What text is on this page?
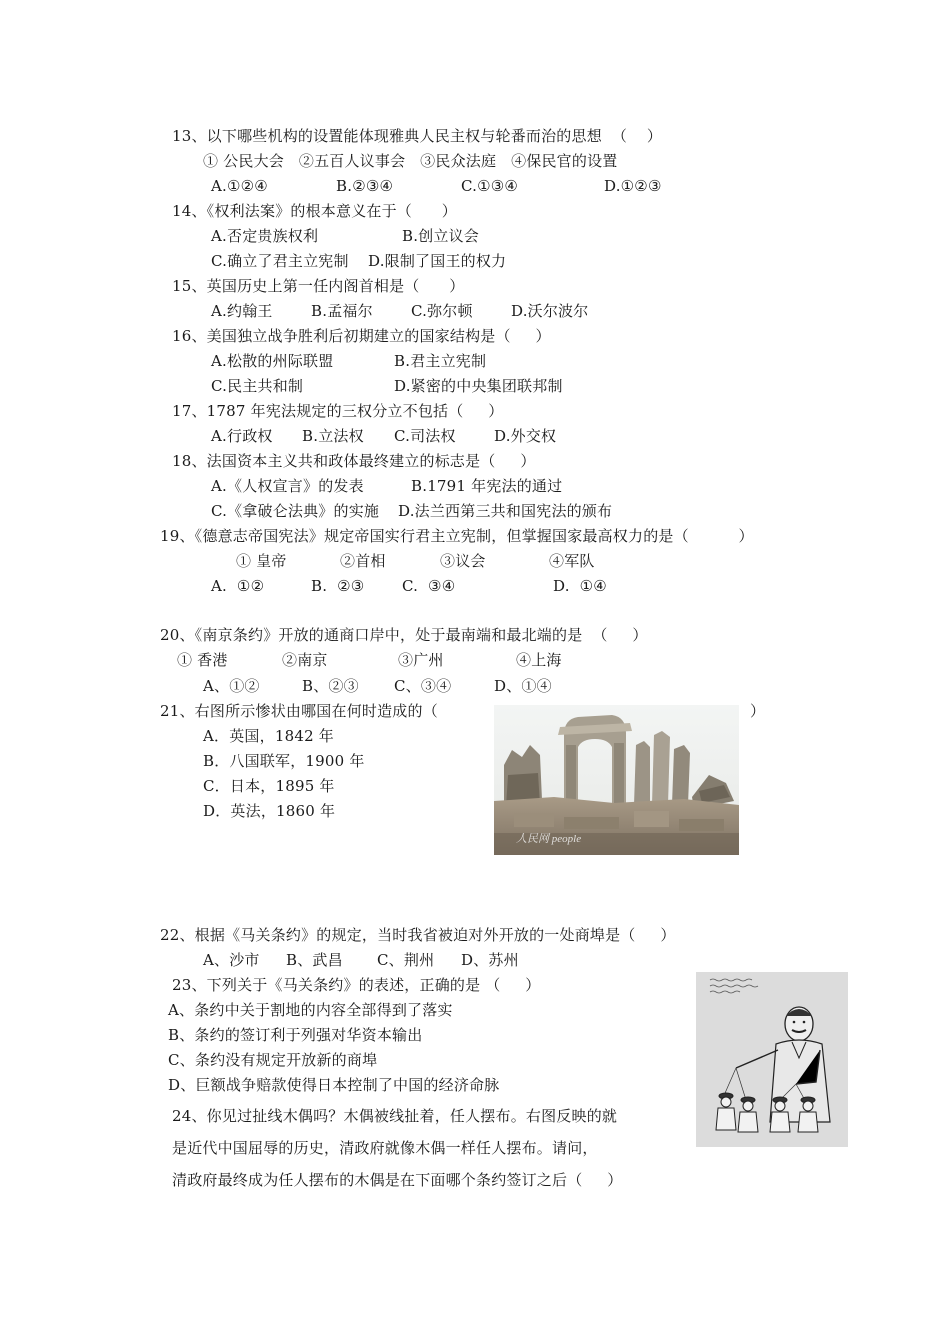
13、以下哪些机构的设置能体现雅典人民主权与轮番而治的思想  （    ）
① 公民大会   ②五百人议事会   ③民众法庭   ④保民官的设置
A.①②④	B.②③④	C.①③④	D.①②③
14、《权利法案》的根本意义在于（      ）
A.否定贵族权利	B.创立议会
C.确立了君主立宪制 D.限制了国王的权力
15、英国历史上第一任内阁首相是（      ）
A.约翰王	B.孟福尔	C.弥尔顿	D.沃尔波尔
16、美国独立战争胜利后初期建立的国家结构是（     ）
A.松散的州际联盟	B.君主立宪制
C.民主共和制	D.紧密的中央集团联邦制
17、1787 年宪法规定的三权分立不包括（     ）
A.行政权 B.立法权 C.司法权	D.外交权
18、法国资本主义共和政体最终建立的标志是（     ）
A.《人权宣言》的发表	B.1791 年宪法的通过
C.《拿破仑法典》的实施 D.法兰西第三共和国宪法的颁布
19、《德意志帝国宪法》规定帝国实行君主立宪制，但掌握国家最高权力的是（          ）
① 皇帝	②首相	③议会	④军队
A.  ①②	B.  ②③	C.  ③④	D.  ①④
20、《南京条约》开放的通商口岸中，处于最南端和最北端的是  （     ）
① 香港	②南京	③广州	④上海
A、①②	B、②③ C、③④	D、①④
21、右图所示惨状由哪国在何时造成的（	）
A．英国，1842 年
B．八国联军，1900 年
C．日本，1895 年
D．英法，1860 年
人民网 people
22、根据《马关条约》的规定，当时我省被迫对外开放的一处商埠是（     ）
A、沙市 B、武昌 C、荆州 D、苏州
23、下列关于《马关条约》的表述，正确的是 （     ）
A、条约中关于割地的内容全部得到了落实
B、条约的签订利于列强对华资本输出
C、条约没有规定开放新的商埠
D、巨额战争赔款使得日本控制了中国的经济命脉
24、你见过扯线木偶吗？木偶被线扯着，任人摆布。右图反映的就
是近代中国屈辱的历史，清政府就像木偶一样任人摆布。请问，
清政府最终成为任人摆布的木偶是在下面哪个条约签订之后（     ）
